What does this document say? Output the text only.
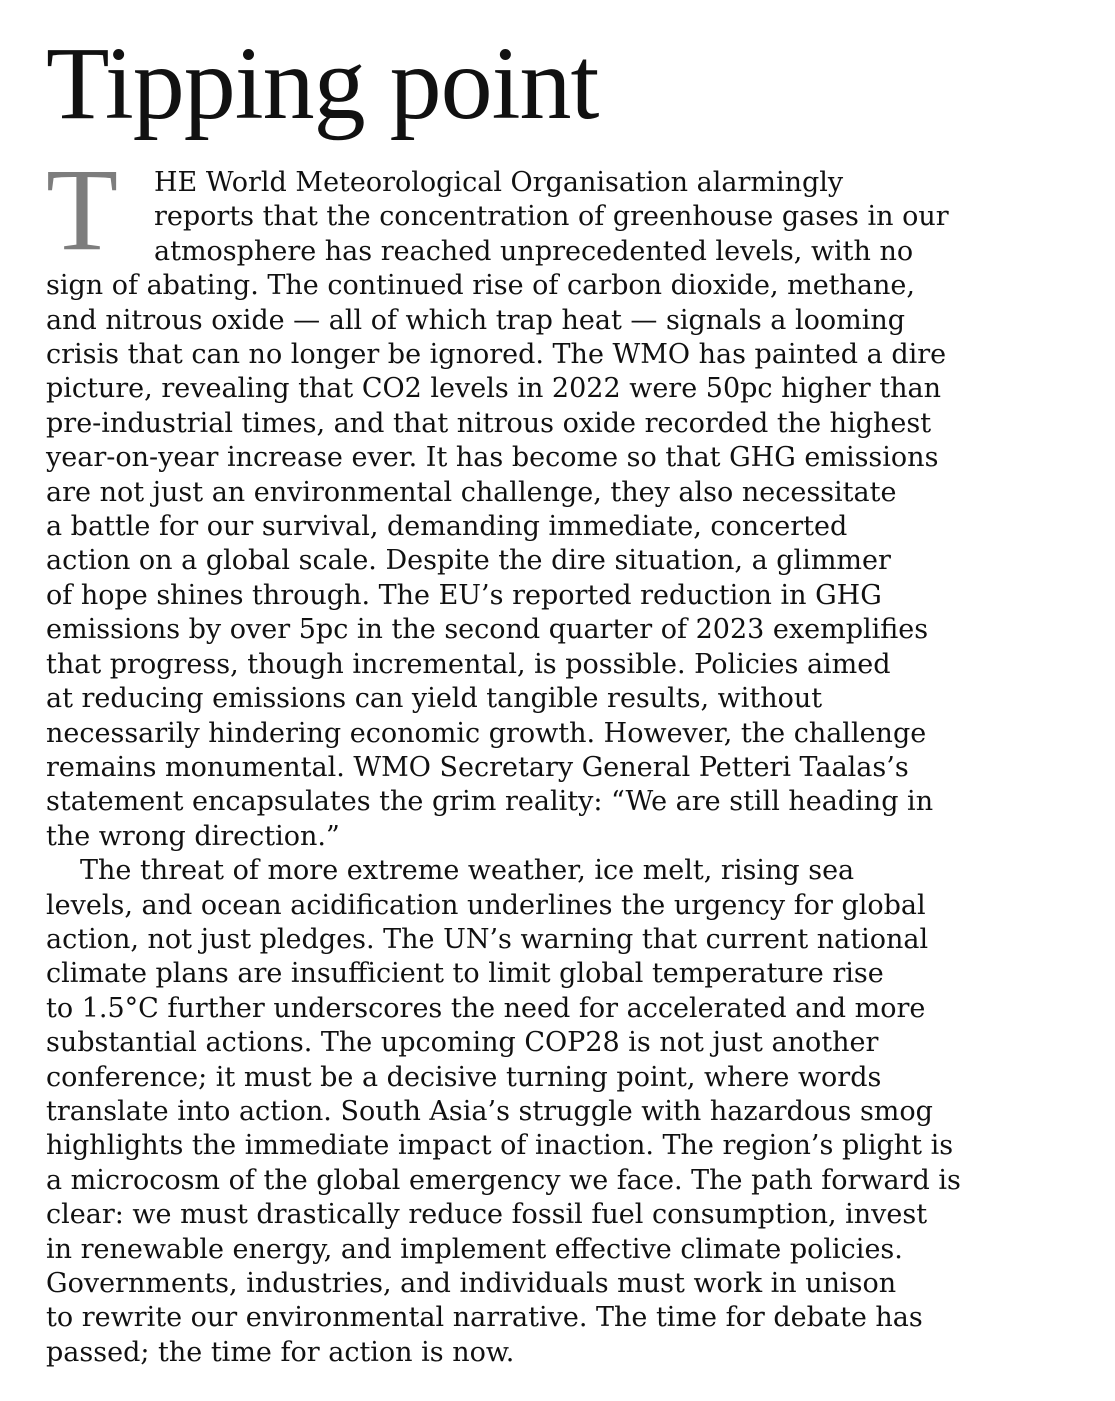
Tipping point
T	HE World Meteorological Organisation alarmingly
reports that the concentration of greenhouse gases in our
atmosphere has reached unprecedented levels, with no
sign of abating. The continued rise of carbon dioxide, methane,
and nitrous oxide — all of which trap heat — signals a looming
crisis that can no longer be ignored. The WMO has painted a dire
picture, revealing that CO2 levels in 2022 were 50pc higher than
pre-industrial times, and that nitrous oxide recorded the highest
year-on-year increase ever. It has become so that GHG emissions
are not just an environmental challenge, they also necessitate
a battle for our survival, demanding immediate, concerted
action on a global scale. Despite the dire situation, a glimmer
of hope shines through. The EU’s reported reduction in GHG
emissions by over 5pc in the second quarter of 2023 exemplifies
that progress, though incremental, is possible. Policies aimed
at reducing emissions can yield tangible results, without
necessarily hindering economic growth. However, the challenge
remains monumental. WMO Secretary General Petteri Taalas’s
statement encapsulates the grim reality: “We are still heading in
the wrong direction.”
The threat of more extreme weather, ice melt, rising sea
levels, and ocean acidification underlines the urgency for global
action, not just pledges. The UN’s warning that current national
climate plans are insufficient to limit global temperature rise
to 1.5°C further underscores the need for accelerated and more
substantial actions. The upcoming COP28 is not just another
conference; it must be a decisive turning point, where words
translate into action. South Asia’s struggle with hazardous smog
highlights the immediate impact of inaction. The region’s plight is
a microcosm of the global emergency we face. The path forward is
clear: we must drastically reduce fossil fuel consumption, invest
in renewable energy, and implement effective climate policies.
Governments, industries, and individuals must work in unison
to rewrite our environmental narrative. The time for debate has
passed; the time for action is now.
